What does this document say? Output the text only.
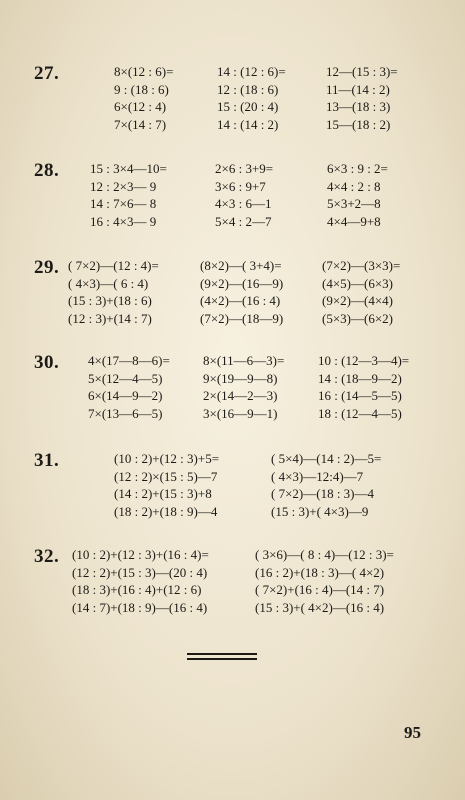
27.	8×(12 : 6)=
9 : (18 : 6)
6×(12 : 4)
7×(14 : 7)
14 : (12 : 6)=
12 : (18 : 6)
15 : (20 : 4)
14 : (14 : 2)
12—(15 : 3)=
11—(14 : 2)
13—(18 : 3)
15—(18 : 2)
28. 15 : 3×4—10=
12 : 2×3— 9
14 : 7×6— 8
16 : 4×3— 9
2×6 : 3+9=
3×6 : 9+7
4×3 : 6—1
5×4 : 2—7
6×3 : 9 : 2=
4×4 : 2 : 8
5×3+2—8
4×4—9+8
29. ( 7×2)—(12 : 4)=
( 4×3)—( 6 : 4)
(15 : 3)+(18 : 6)
(12 : 3)+(14 : 7)
(8×2)—( 3+4)=
(9×2)—(16—9)
(4×2)—(16 : 4)
(7×2)—(18—9)
(7×2)—(3×3)=
(4×5)—(6×3)
(9×2)—(4×4)
(5×3)—(6×2)
30. 4×(17—8—6)=
5×(12—4—5)
6×(14—9—2)
7×(13—6—5)
8×(11—6—3)=
9×(19—9—8)
2×(14—2—3)
3×(16—9—1)
10 : (12—3—4)=
14 : (18—9—2)
16 : (14—5—5)
18 : (12—4—5)
31.	(10 : 2)+(12 : 3)+5=
(12 : 2)×(15 : 5)—7
(14 : 2)+(15 : 3)+8
(18 : 2)+(18 : 9)—4
( 5×4)—(14 : 2)—5=
( 4×3)—12:4)—7
( 7×2)—(18 : 3)—4
(15 : 3)+( 4×3)—9
32. (10 : 2)+(12 : 3)+(16 : 4)=
(12 : 2)+(15 : 3)—(20 : 4)
(18 : 3)+(16 : 4)+(12 : 6)
(14 : 7)+(18 : 9)—(16 : 4)
( 3×6)—( 8 : 4)—(12 : 3)=
(16 : 2)+(18 : 3)—( 4×2)
( 7×2)+(16 : 4)—(14 : 7)
(15 : 3)+( 4×2)—(16 : 4)
95
